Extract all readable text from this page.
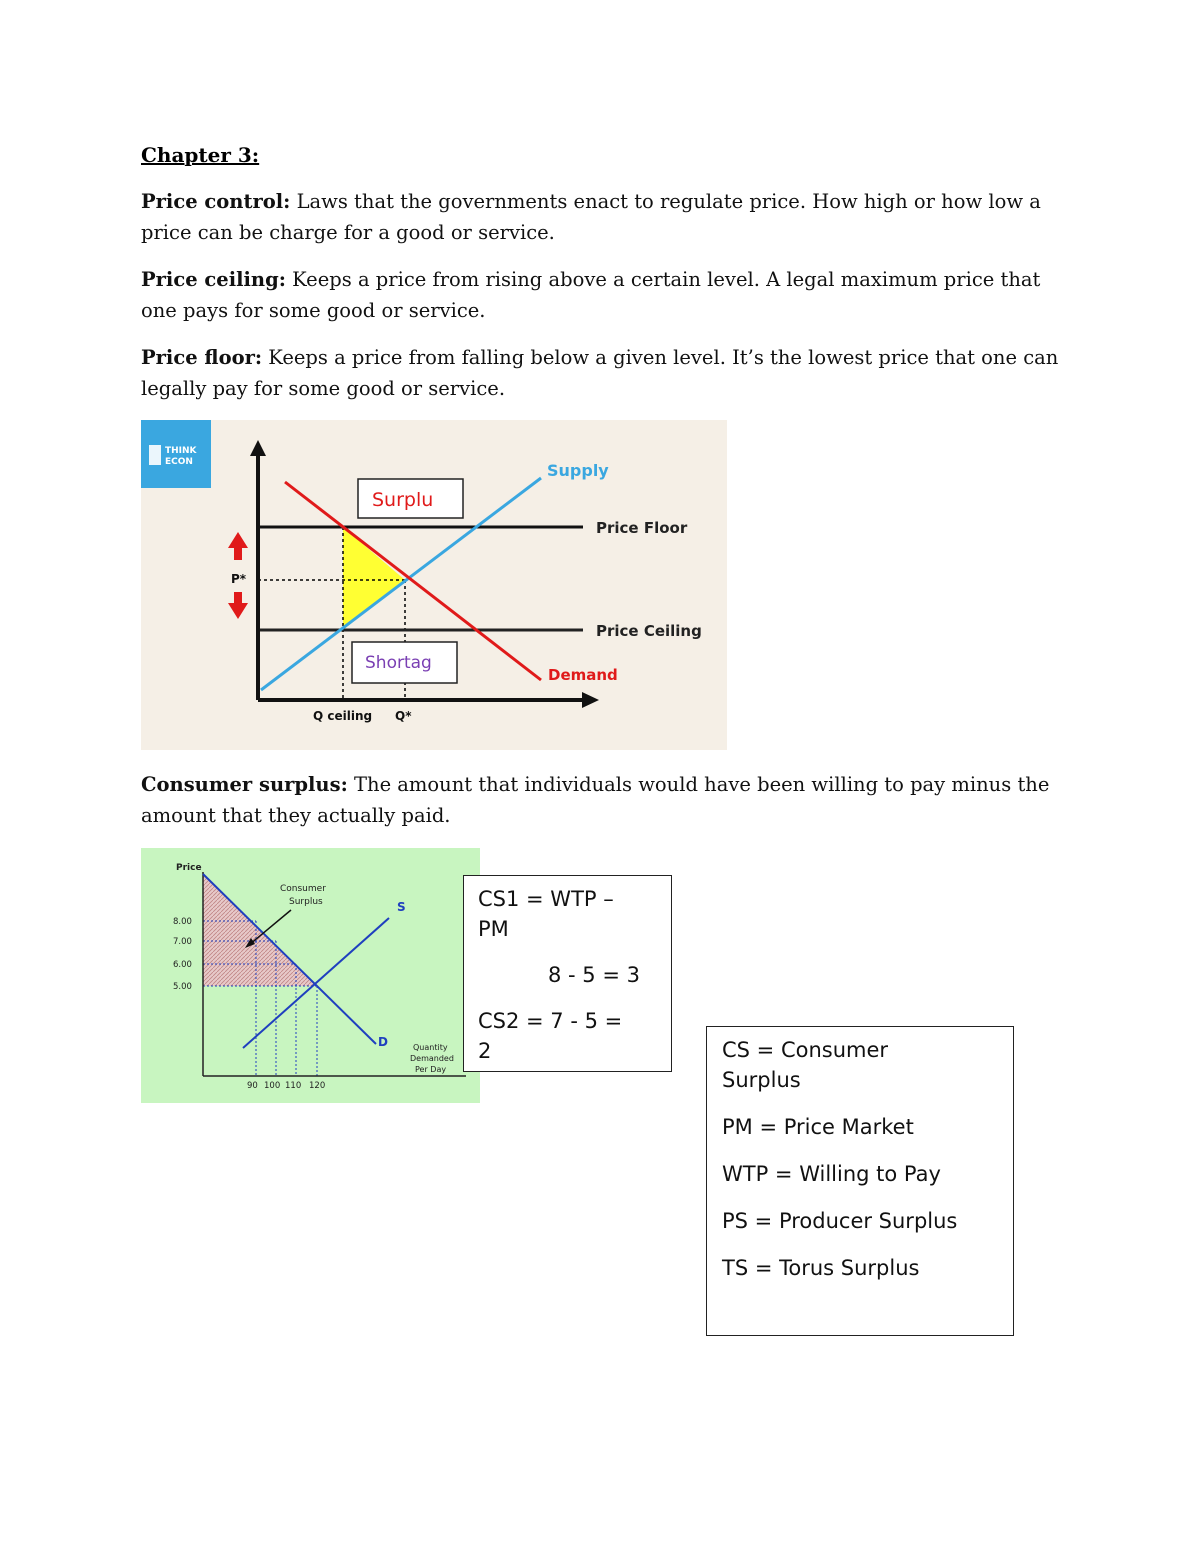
Chapter 3:
Price control: Laws that the governments enact to regulate price. How high or how low a price can be charge for a good or service.
Price ceiling: Keeps a price from rising above a certain level. A legal maximum price that one pays for some good or service.
Price floor: Keeps a price from falling below a given level. It’s the lowest price that one can legally pay for some good or service.
THINK
ECON
P*
Supply
Price Floor
Price Ceiling
Demand
Q ceiling Q*
Surplu
Shortag
Consumer surplus: The amount that individuals would have been willing to pay minus the amount that they actually paid.
Price
Consumer
Surplus	S
D	Quantity
Demanded
Per Day
8.00
7.00
6.00
5.00
90 100 110 120
CS1 = WTP –
PM
8 - 5 = 3
CS2 = 7 - 5 =
2	CS = Consumer
Surplus
PM = Price Market
WTP = Willing to Pay
PS = Producer Surplus
TS = Torus Surplus
